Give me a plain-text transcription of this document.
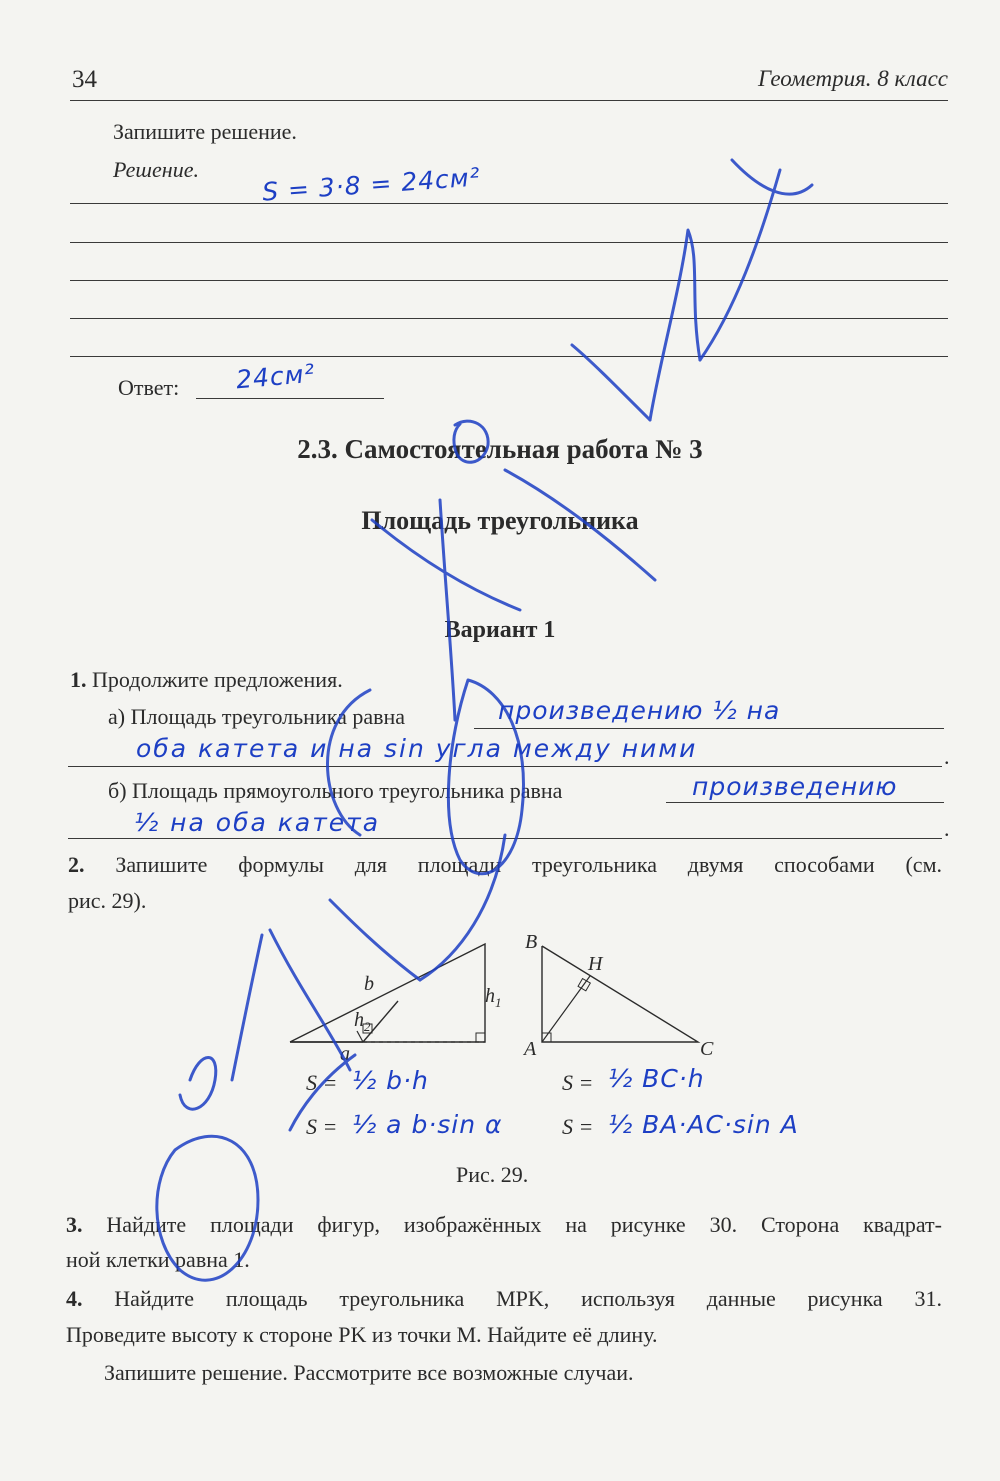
34	Геометрия. 8 класс
Запишите решение.
Решение. S = 3·8 = 24см²
Ответ: 24см²
2.3. Самостоятельная работа № 3
Площадь треугольника
Вариант 1
1. Продолжите предложения.
а) Площадь треугольника равна	произведению ½ на
оба катета и на sin угла между ними	.
б) Площадь прямоугольного треугольника равна	произведению
½ на оба катета	.
2. Запишите формулы для площади треугольника двумя способами (см.
рис. 29).
b
$h_1$
$h_2$
a
B
H
A	C
S = ½ b·h
S = ½ a b·sin α
S = ½ BC·h
S = ½ BA·AC·sin A
Рис. 29.
3. Найдите площади фигур, изображённых на рисунке 30. Сторона квадрат-
ной клетки равна 1.
4. Найдите площадь треугольника MPK, используя данные рисунка 31.
Проведите высоту к стороне PK из точки M. Найдите её длину.
Запишите решение. Рассмотрите все возможные случаи.
